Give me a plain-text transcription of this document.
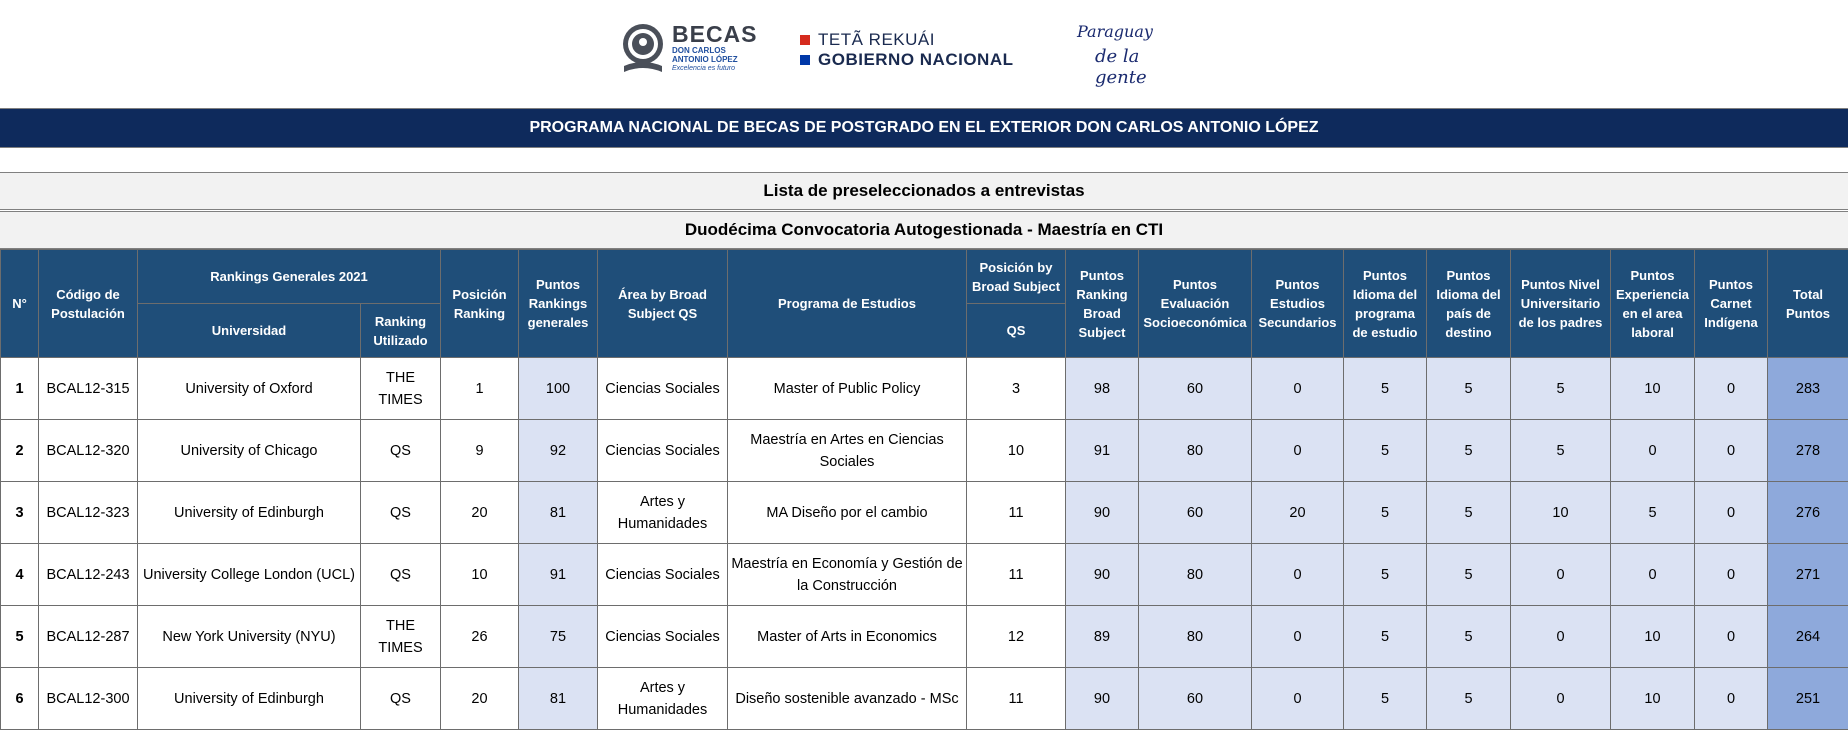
BECAS
DON CARLOS
ANTONIO LÓPEZ
Excelencia es futuro
TETÃ REKUÁI
GOBIERNO NACIONAL
Paraguay
de la gente
PROGRAMA NACIONAL DE BECAS DE POSTGRADO EN EL EXTERIOR DON CARLOS ANTONIO LÓPEZ
Lista de preseleccionados a entrevistas
Duodécima Convocatoria Autogestionada - Maestría en CTI
N°	Código de Postulación	Rankings Generales 2021		Posición Ranking	Puntos Rankings generales	Área by Broad Subject QS	Programa de Estudios	Posición by Broad Subject	Puntos Ranking Broad Subject	Puntos Evaluación Socioeconómica	Puntos Estudios Secundarios	Puntos Idioma del programa de estudio	Puntos Idioma del país de destino	Puntos Nivel Universitario de los padres	Puntos Experiencia en el area laboral	Puntos Carnet Indígena	Total Puntos
		Universidad	Ranking Utilizado					QS									
1	BCAL12-315	University of Oxford	THE TIMES	1	100	Ciencias Sociales	Master of Public Policy	3	98	60	0	5	5	5	10	0	283
2	BCAL12-320	University of Chicago	QS	9	92	Ciencias Sociales	Maestría en Artes en Ciencias Sociales	10	91	80	0	5	5	5	0	0	278
3	BCAL12-323	University of Edinburgh	QS	20	81	Artes y Humanidades	MA Diseño por el cambio	11	90	60	20	5	5	10	5	0	276
4	BCAL12-243	University College London (UCL)	QS	10	91	Ciencias Sociales	Maestría en Economía y Gestión de la Construcción	11	90	80	0	5	5	0	0	0	271
5	BCAL12-287	New York University (NYU)	THE TIMES	26	75	Ciencias Sociales	Master of Arts in Economics	12	89	80	0	5	5	0	10	0	264
6	BCAL12-300	University of Edinburgh	QS	20	81	Artes y Humanidades	Diseño sostenible avanzado - MSc	11	90	60	0	5	5	0	10	0	251
